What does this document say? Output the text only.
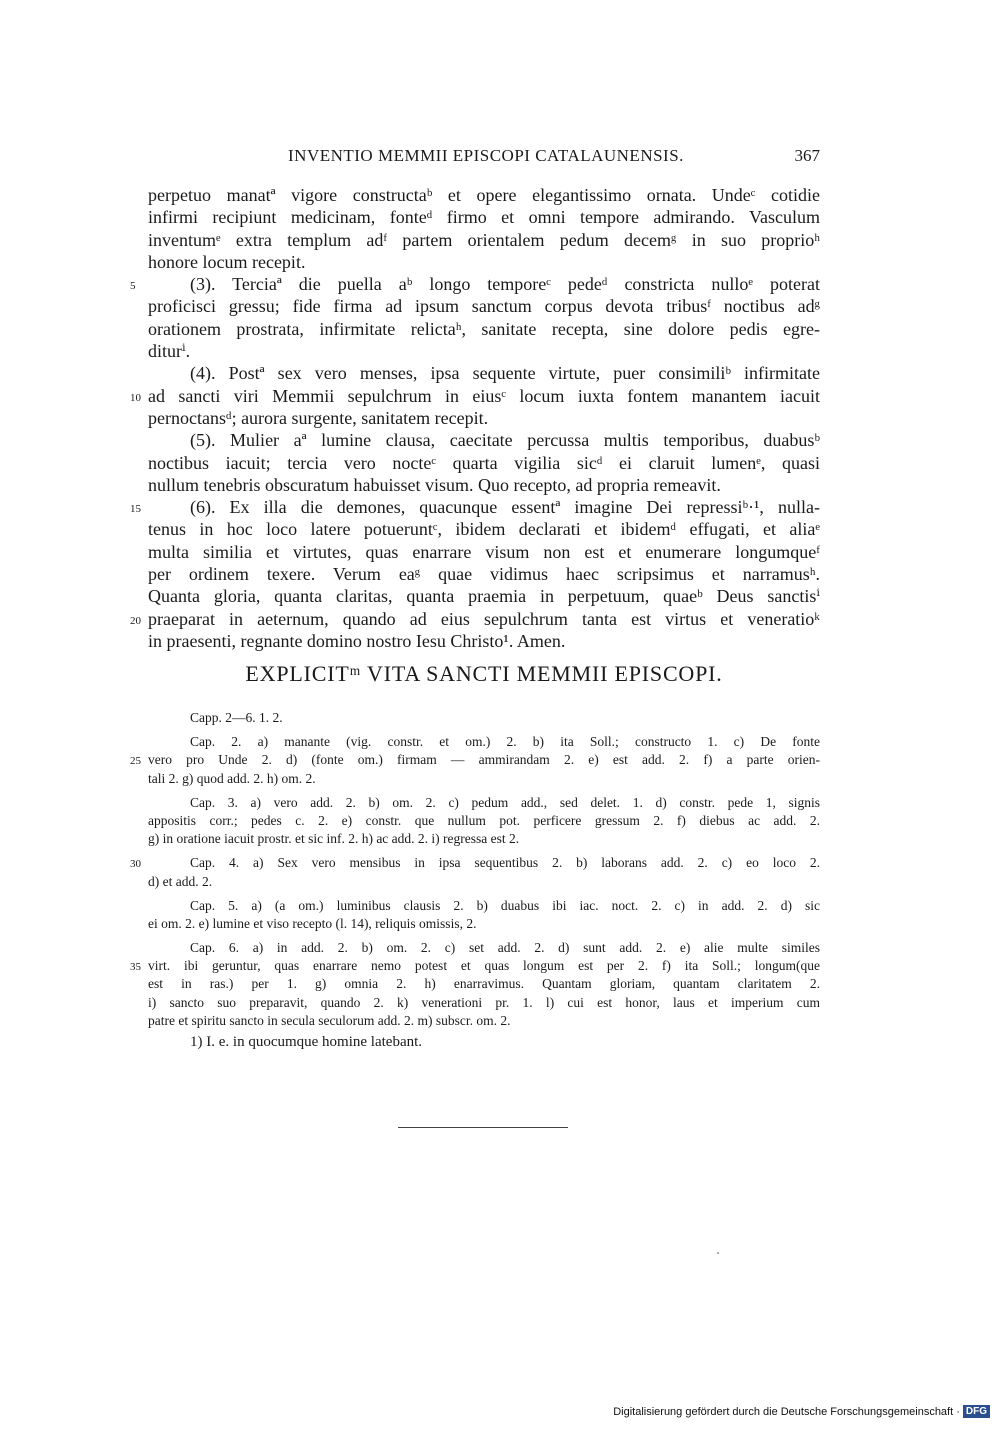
INVENTIO MEMMII EPISCOPI CATALAUNENSIS.	367
perpetuo manatª vigore constructaᵇ et opere elegantissimo ornata. Undeᶜ cotidie
infirmi recipiunt medicinam, fonteᵈ firmo et omni tempore admirando. Vasculum
inventumᵉ extra templum adᶠ partem orientalem pedum decemᵍ in suo proprioʰ
honore locum recepit.
5	(3). Terciaª die puella aᵇ longo temporeᶜ pedeᵈ constricta nulloᵉ poterat
proficisci gressu; fide firma ad ipsum sanctum corpus devota tribusᶠ noctibus adᵍ
orationem prostrata, infirmitate relictaʰ, sanitate recepta, sine dolore pedis egre-
diturⁱ.
(4). Postª sex vero menses, ipsa sequente virtute, puer consimiliᵇ infirmitate
10 ad sancti viri Memmii sepulchrum in eiusᶜ locum iuxta fontem manantem iacuit
pernoctansᵈ; aurora surgente, sanitatem recepit.
(5). Mulier aª lumine clausa, caecitate percussa multis temporibus, duabusᵇ
noctibus iacuit; tercia vero nocteᶜ quarta vigilia sicᵈ ei claruit lumenᵉ, quasi
nullum tenebris obscuratum habuisset visum. Quo recepto, ad propria remeavit.
15	(6). Ex illa die demones, quacunque essentª imagine Dei repressiᵇ·¹, nulla-
tenus in hoc loco latere potueruntᶜ, ibidem declarati et ibidemᵈ effugati, et aliaᵉ
multa similia et virtutes, quas enarrare visum non est et enumerare longumqueᶠ
per ordinem texere. Verum eaᵍ quae vidimus haec scripsimus et narramusʰ.
Quanta gloria, quanta claritas, quanta praemia in perpetuum, quaeᵇ Deus sanctisⁱ
20 praeparat in aeternum, quando ad eius sepulchrum tanta est virtus et veneratioᵏ
in praesenti, regnante domino nostro Iesu Christo¹. Amen.
EXPLICITᵐ VITA SANCTI MEMMII EPISCOPI.
Capp. 2—6. 1. 2.
Cap. 2. a) manante (vig. constr. et om.) 2. b) ita Soll.; constructo 1. c) De fonte
25 vero pro Unde 2. d) (fonte om.) firmam — ammirandam 2. e) est add. 2. f) a parte orien-
tali 2. g) quod add. 2. h) om. 2.
Cap. 3. a) vero add. 2. b) om. 2. c) pedum add., sed delet. 1. d) constr. pede 1, signis
appositis corr.; pedes c. 2. e) constr. que nullum pot. perficere gressum 2. f) diebus ac add. 2.
g) in oratione iacuit prostr. et sic inf. 2. h) ac add. 2. i) regressa est 2.
30	Cap. 4. a) Sex vero mensibus in ipsa sequentibus 2. b) laborans add. 2. c) eo loco 2.
d) et add. 2.
Cap. 5. a) (a om.) luminibus clausis 2. b) duabus ibi iac. noct. 2. c) in add. 2. d) sic
ei om. 2. e) lumine et viso recepto (l. 14), reliquis omissis, 2.
Cap. 6. a) in add. 2. b) om. 2. c) set add. 2. d) sunt add. 2. e) alie multe similes
35 virt. ibi geruntur, quas enarrare nemo potest et quas longum est per 2. f) ita Soll.; longum(que
est in ras.) per 1. g) omnia 2. h) enarravimus. Quantam gloriam, quantam claritatem 2.
i) sancto suo preparavit, quando 2. k) venerationi pr. 1. l) cui est honor, laus et imperium cum
patre et spiritu sancto in secula seculorum add. 2. m) subscr. om. 2.
1) I. e. in quocumque homine latebant.
Digitalisierung gefördert durch die Deutsche Forschungsgemeinschaft · DFG
